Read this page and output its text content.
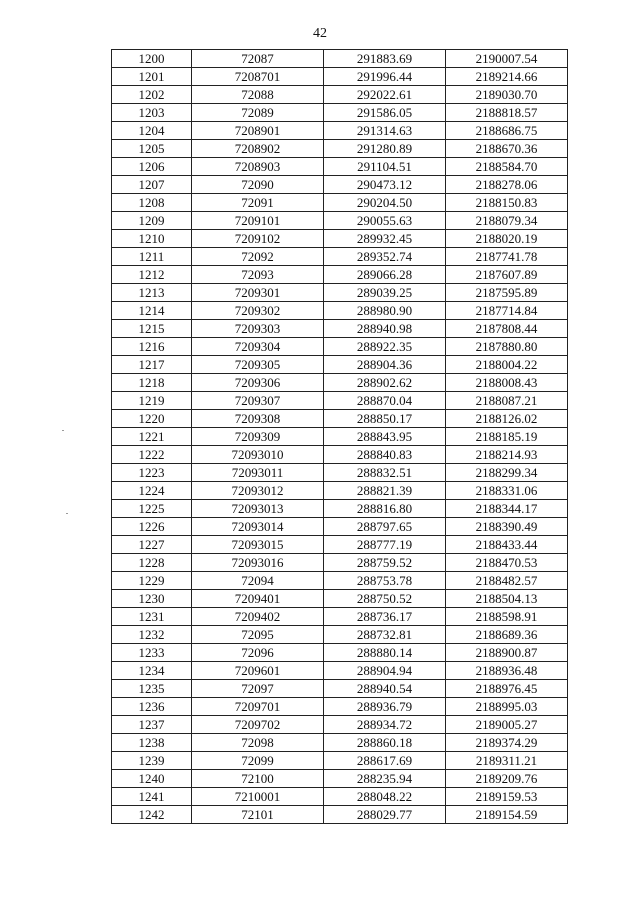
42
1200	72087	291883.69	2190007.54
1201	7208701	291996.44	2189214.66
1202	72088	292022.61	2189030.70
1203	72089	291586.05	2188818.57
1204	7208901	291314.63	2188686.75
1205	7208902	291280.89	2188670.36
1206	7208903	291104.51	2188584.70
1207	72090	290473.12	2188278.06
1208	72091	290204.50	2188150.83
1209	7209101	290055.63	2188079.34
1210	7209102	289932.45	2188020.19
1211	72092	289352.74	2187741.78
1212	72093	289066.28	2187607.89
1213	7209301	289039.25	2187595.89
1214	7209302	288980.90	2187714.84
1215	7209303	288940.98	2187808.44
1216	7209304	288922.35	2187880.80
1217	7209305	288904.36	2188004.22
1218	7209306	288902.62	2188008.43
1219	7209307	288870.04	2188087.21
1220	7209308	288850.17	2188126.02
1221	7209309	288843.95	2188185.19
1222	72093010	288840.83	2188214.93
1223	72093011	288832.51	2188299.34
1224	72093012	288821.39	2188331.06
1225	72093013	288816.80	2188344.17
1226	72093014	288797.65	2188390.49
1227	72093015	288777.19	2188433.44
1228	72093016	288759.52	2188470.53
1229	72094	288753.78	2188482.57
1230	7209401	288750.52	2188504.13
1231	7209402	288736.17	2188598.91
1232	72095	288732.81	2188689.36
1233	72096	288880.14	2188900.87
1234	7209601	288904.94	2188936.48
1235	72097	288940.54	2188976.45
1236	7209701	288936.79	2188995.03
1237	7209702	288934.72	2189005.27
1238	72098	288860.18	2189374.29
1239	72099	288617.69	2189311.21
1240	72100	288235.94	2189209.76
1241	7210001	288048.22	2189159.53
1242	72101	288029.77	2189154.59
